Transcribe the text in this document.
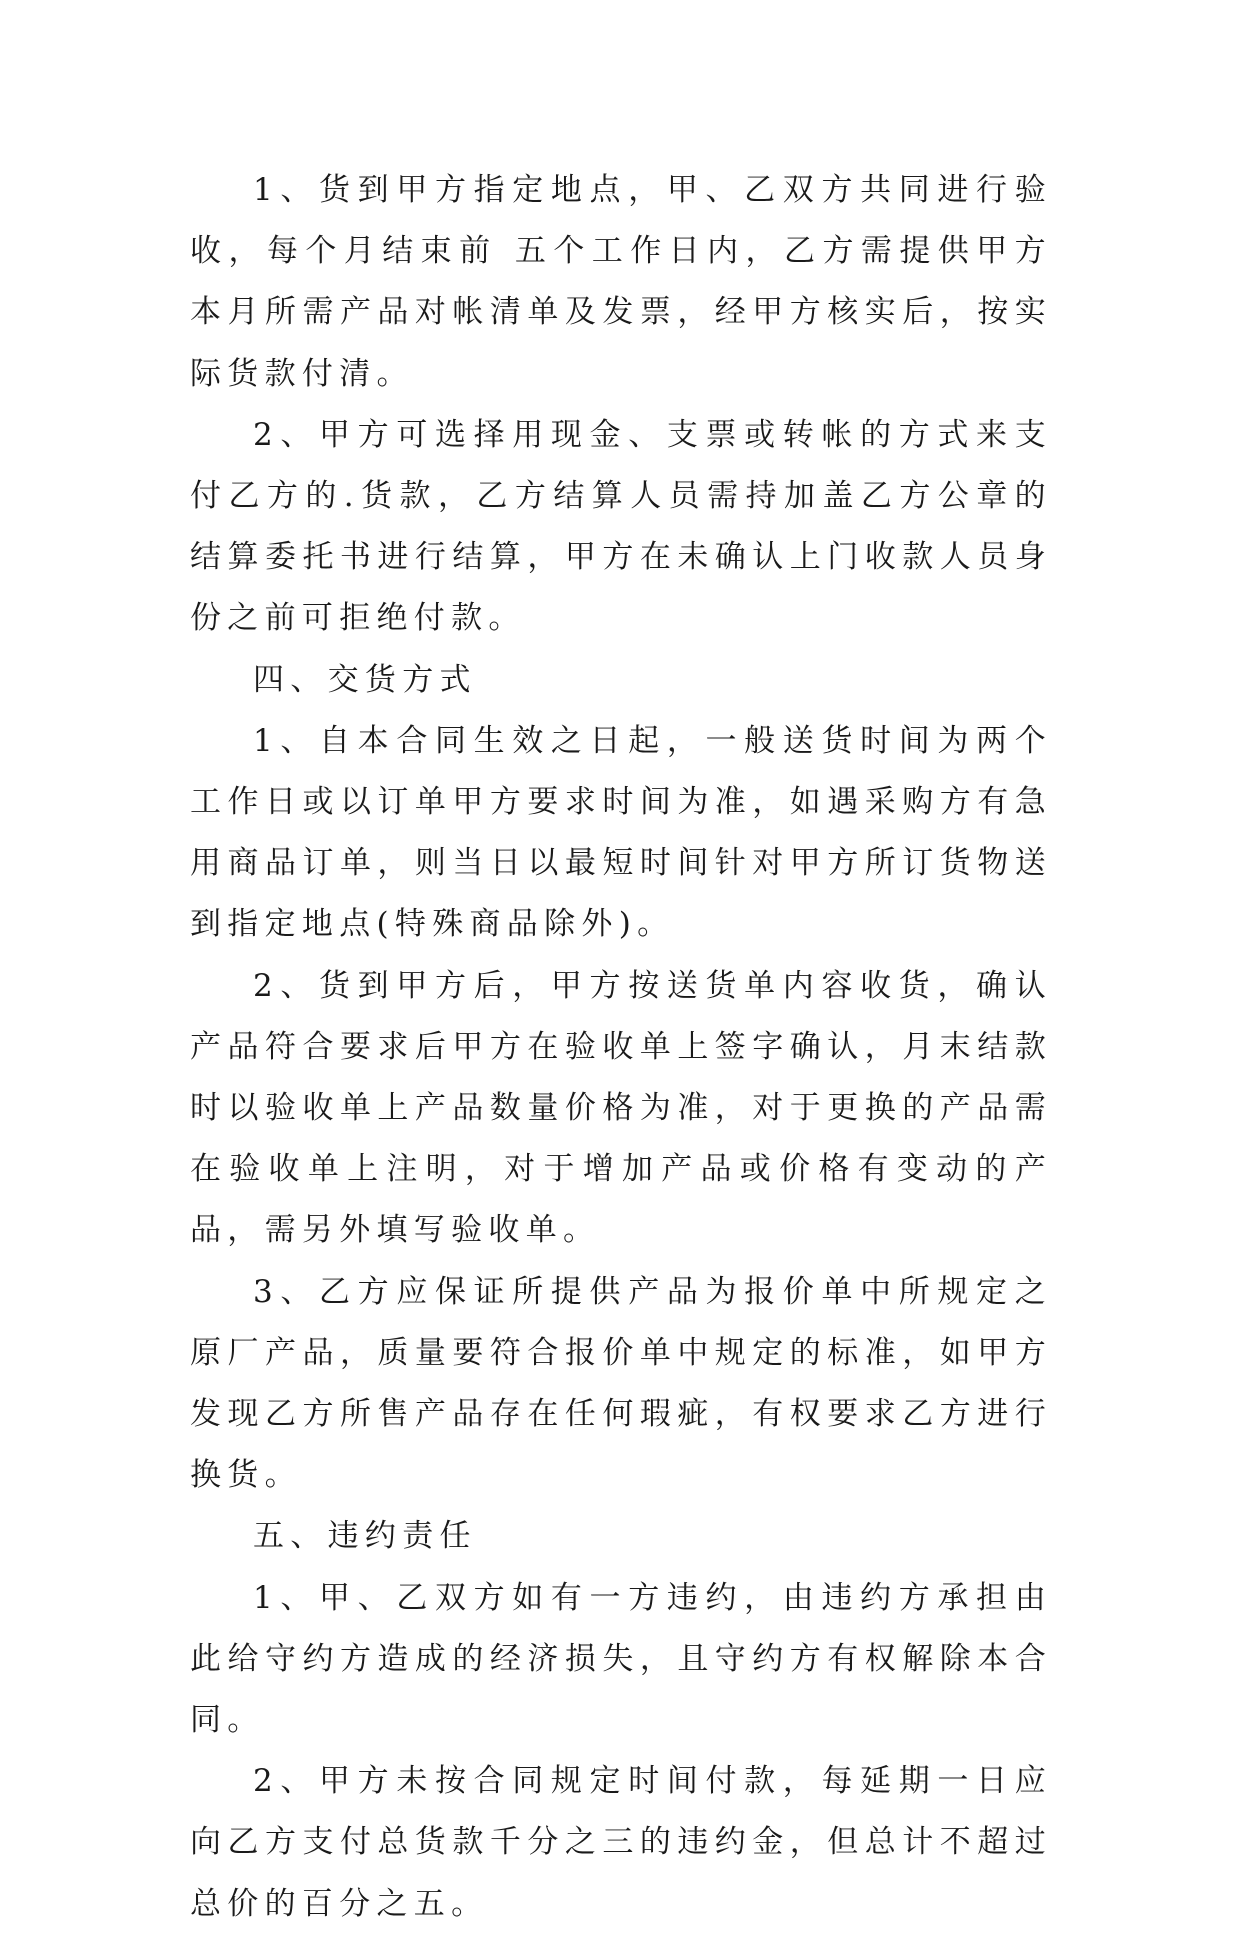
1、货到甲方指定地点，甲、乙双方共同进行验收，每个月结束前 五个工作日内，乙方需提供甲方本月所需产品对帐清单及发票，经甲方核实后，按实际货款付清。

2、甲方可选择用现金、支票或转帐的方式来支付乙方的.货款，乙方结算人员需持加盖乙方公章的结算委托书进行结算，甲方在未确认上门收款人员身份之前可拒绝付款。

四、交货方式

1、自本合同生效之日起，一般送货时间为两个工作日或以订单甲方要求时间为准，如遇采购方有急用商品订单，则当日以最短时间针对甲方所订货物送到指定地点(特殊商品除外)。

2、货到甲方后，甲方按送货单内容收货，确认产品符合要求后甲方在验收单上签字确认，月末结款时以验收单上产品数量价格为准，对于更换的产品需在验收单上注明，对于增加产品或价格有变动的产品，需另外填写验收单。

3、乙方应保证所提供产品为报价单中所规定之原厂产品，质量要符合报价单中规定的标准，如甲方发现乙方所售产品存在任何瑕疵，有权要求乙方进行换货。

五、违约责任

1、甲、乙双方如有一方违约，由违约方承担由此给守约方造成的经济损失，且守约方有权解除本合同。

2、甲方未按合同规定时间付款，每延期一日应向乙方支付总货款千分之三的违约金，但总计不超过总价的百分之五。
